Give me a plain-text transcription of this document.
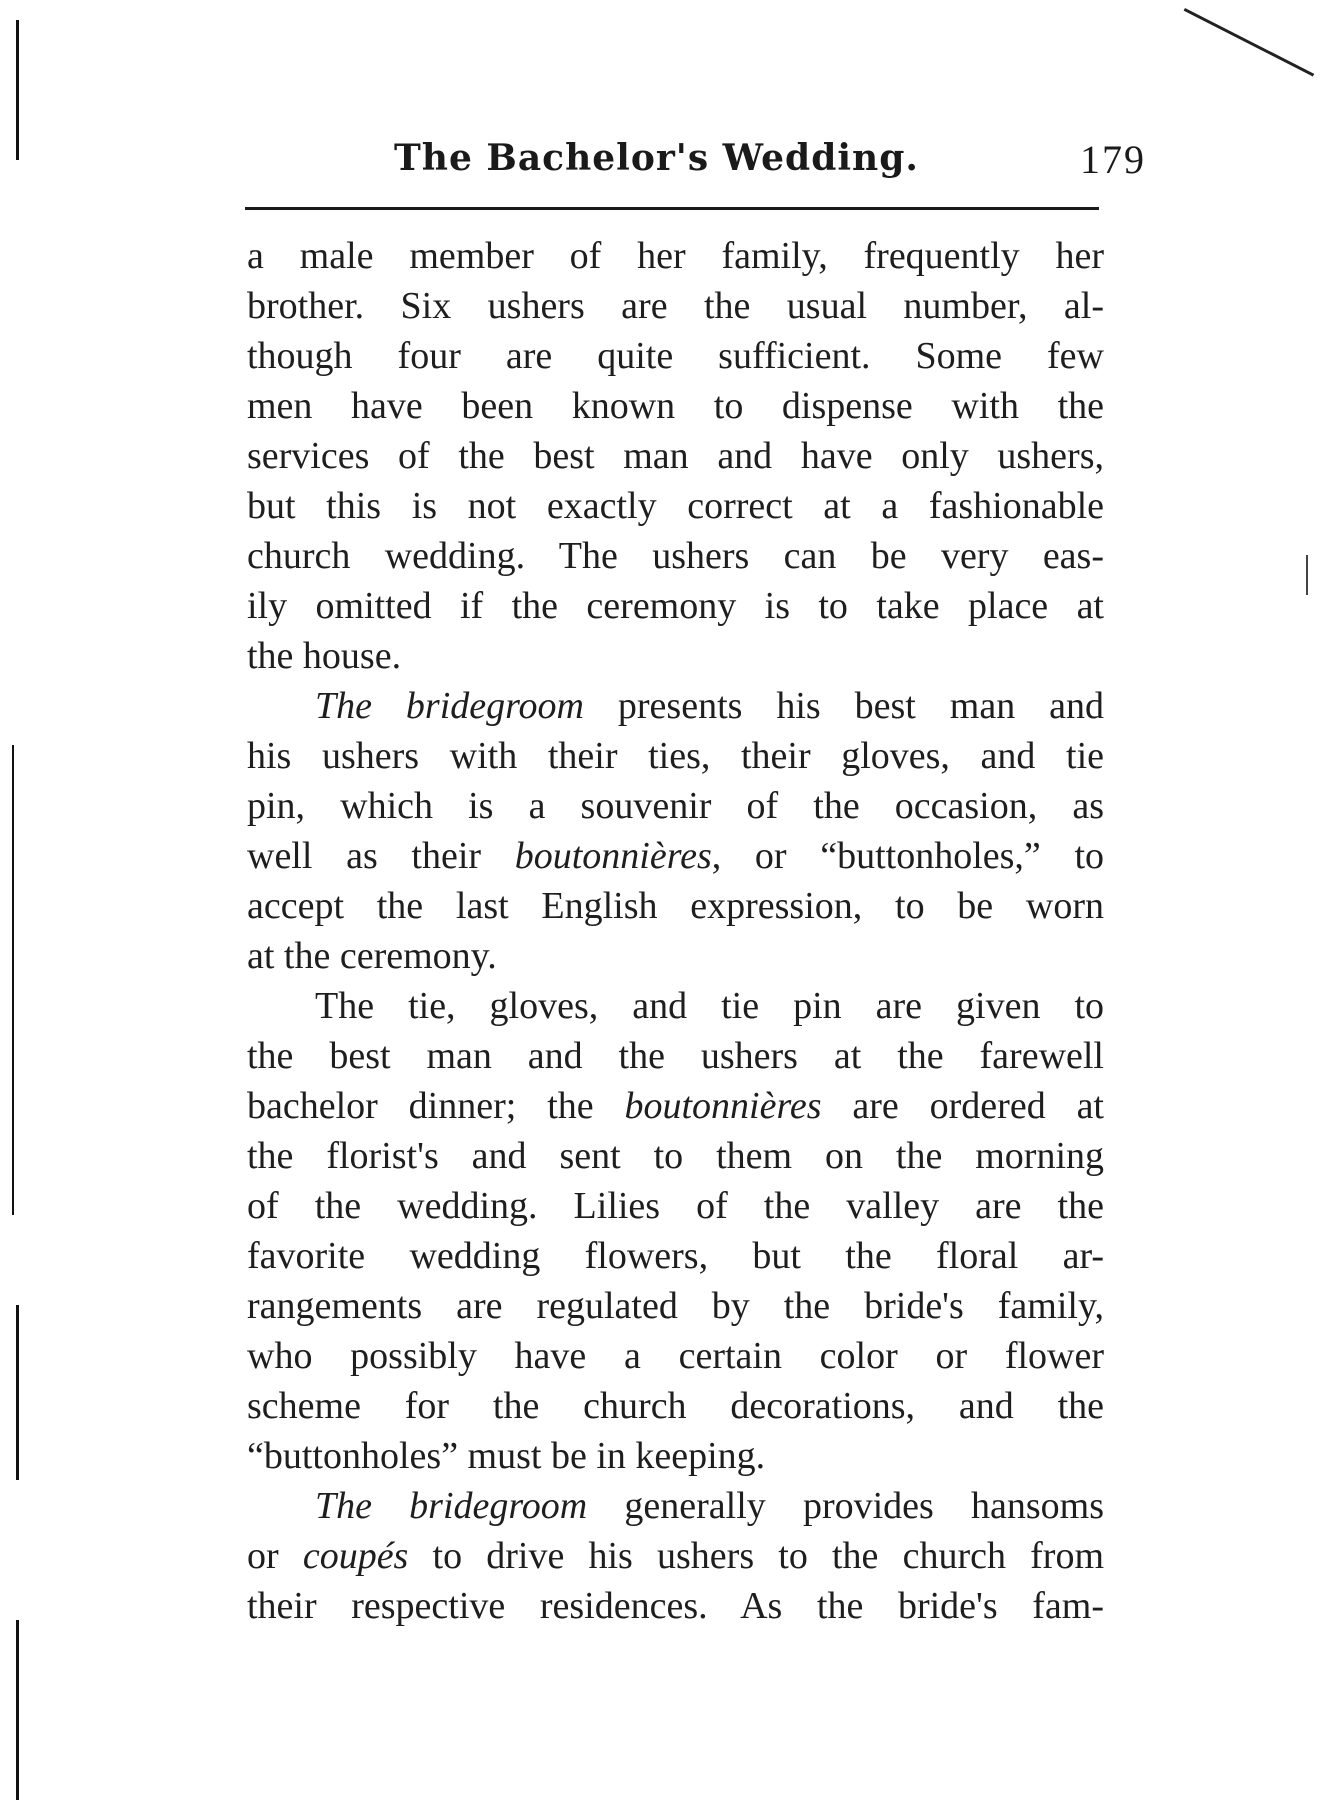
The Bachelor's Wedding.	179
a male member of her family, frequently her
brother. Six ushers are the usual number, al-
though four are quite sufficient. Some few
men have been known to dispense with the
services of the best man and have only ushers,
but this is not exactly correct at a fashionable
church wedding. The ushers can be very eas-
ily omitted if the ceremony is to take place at
the house.
The bridegroom presents his best man and
his ushers with their ties, their gloves, and tie
pin, which is a souvenir of the occasion, as
well as their boutonnières, or “buttonholes,” to
accept the last English expression, to be worn
at the ceremony.
The tie, gloves, and tie pin are given to
the best man and the ushers at the farewell
bachelor dinner; the boutonnières are ordered at
the florist's and sent to them on the morning
of the wedding. Lilies of the valley are the
favorite wedding flowers, but the floral ar-
rangements are regulated by the bride's family,
who possibly have a certain color or flower
scheme for the church decorations, and the
“buttonholes” must be in keeping.
The bridegroom generally provides hansoms
or coupés to drive his ushers to the church from
their respective residences. As the bride's fam-
